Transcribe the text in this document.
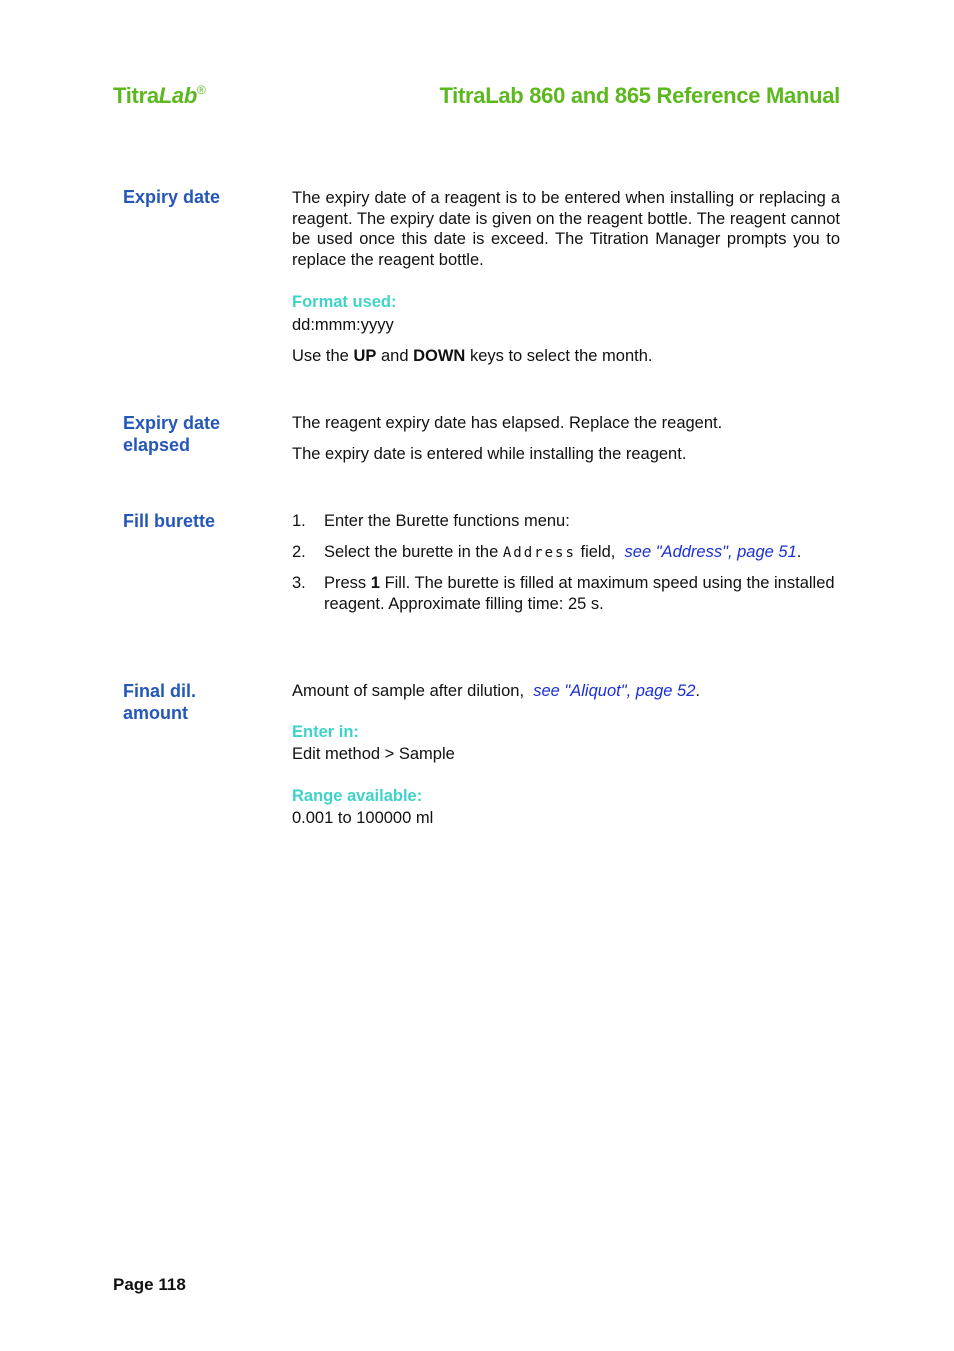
TitraLab®	TitraLab 860 and 865 Reference Manual
Expiry date	The expiry date of a reagent is to be entered when installing or replacing a reagent. The expiry date is given on the reagent bottle. The reagent cannot be used once this date is exceed. The Titration Manager prompts you to replace the reagent bottle.

Format used:

dd:mmm:yyyy

Use the UP and DOWN keys to select the month.

Expiry date
elapsed

The reagent expiry date has elapsed. Replace the reagent.

The expiry date is entered while installing the reagent.

Fill burette	1. Enter the Burette functions menu:
2. Select the burette in the Address field, see "Address", page 51.
3. Press 1 Fill. The burette is filled at maximum speed using the installed reagent. Approximate filling time: 25 s.
Final dil.
amount

Amount of sample after dilution, see "Aliquot", page 52.

Enter in:

Edit method > Sample

Range available:

0.001 to 100000 ml

Page 118
